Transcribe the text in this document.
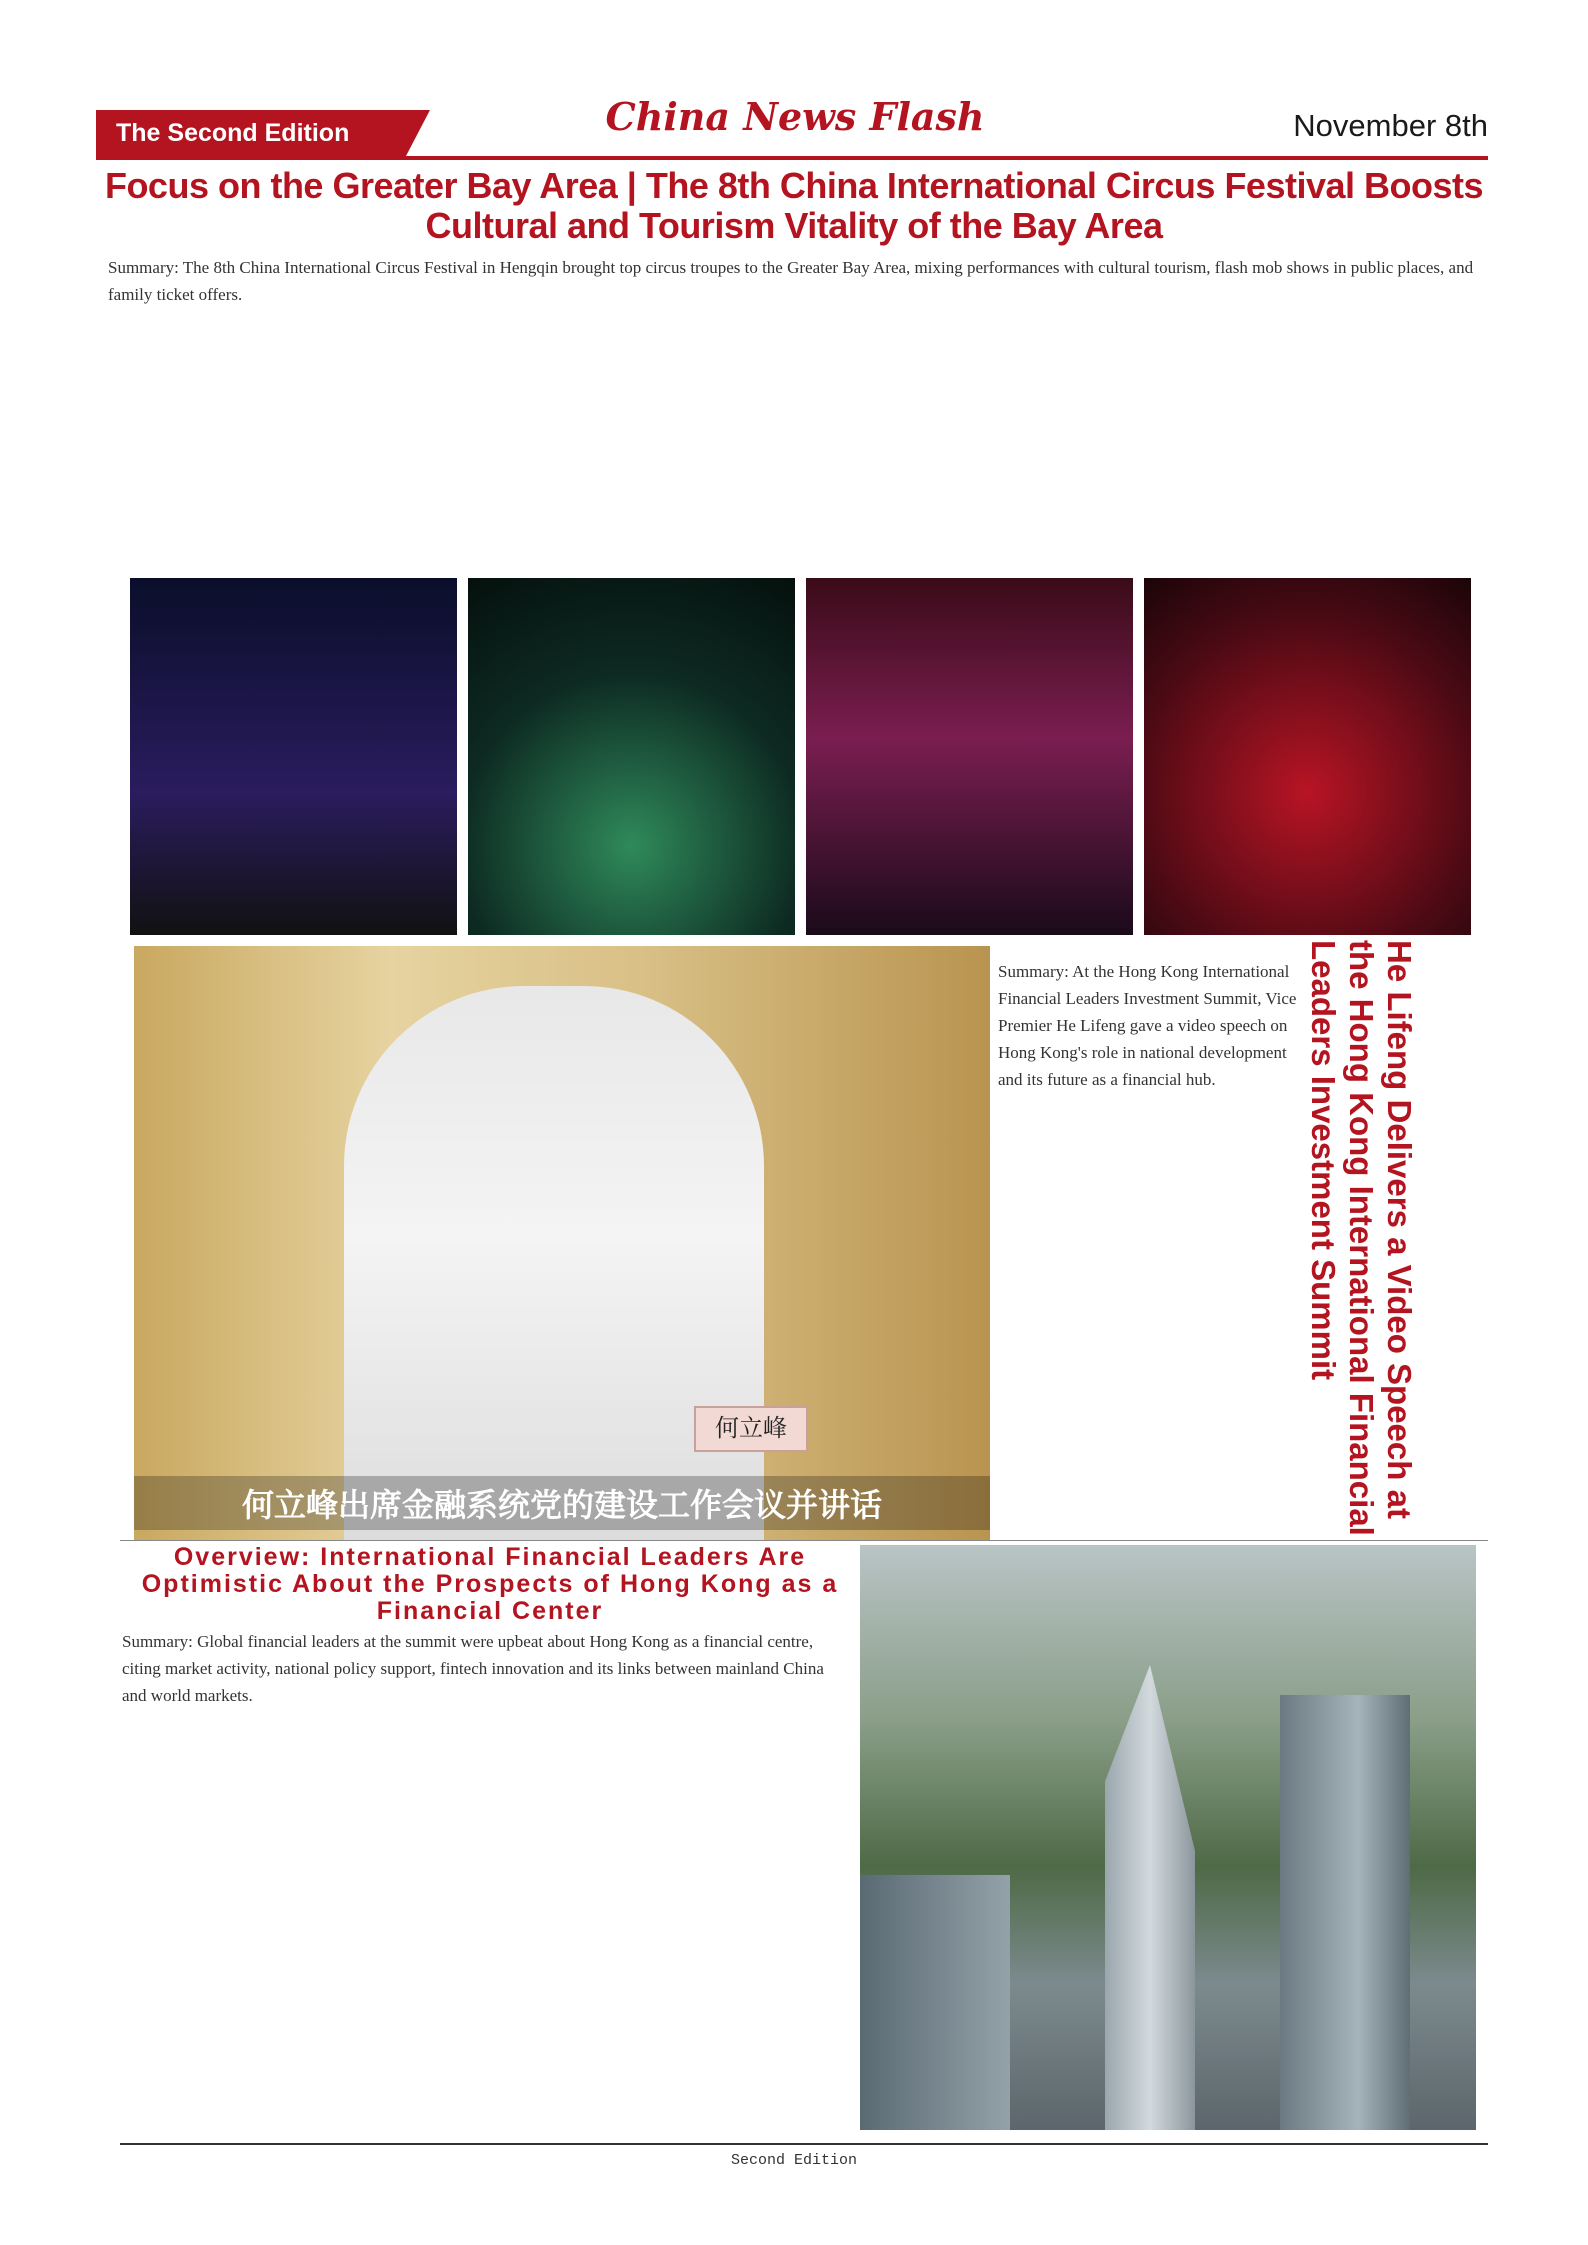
The Second Edition	China News Flash	November 8th
Focus on the Greater Bay Area | The 8th China International Circus Festival Boosts Cultural and Tourism Vitality of the Bay Area
Summary: The 8th China International Circus Festival in Hengqin brought top circus troupes to the Greater Bay Area, mixing performances with cultural tourism, flash mob shows in public places, and family ticket offers.
何立峰
何立峰出席金融系统党的建设工作会议并讲话
Summary: At the Hong Kong International Financial Leaders Investment Summit, Vice Premier He Lifeng gave a video speech on Hong Kong's role in national development and its future as a financial hub.	He Lifeng Delivers a Video Speech at the Hong Kong International Financial Leaders Investment Summit
Overview: International Financial Leaders Are Optimistic About the Prospects of Hong Kong as a Financial Center
Summary: Global financial leaders at the summit were upbeat about Hong Kong as a financial centre, citing market activity, national policy support, fintech innovation and its links between mainland China and world markets.
Second Edition
